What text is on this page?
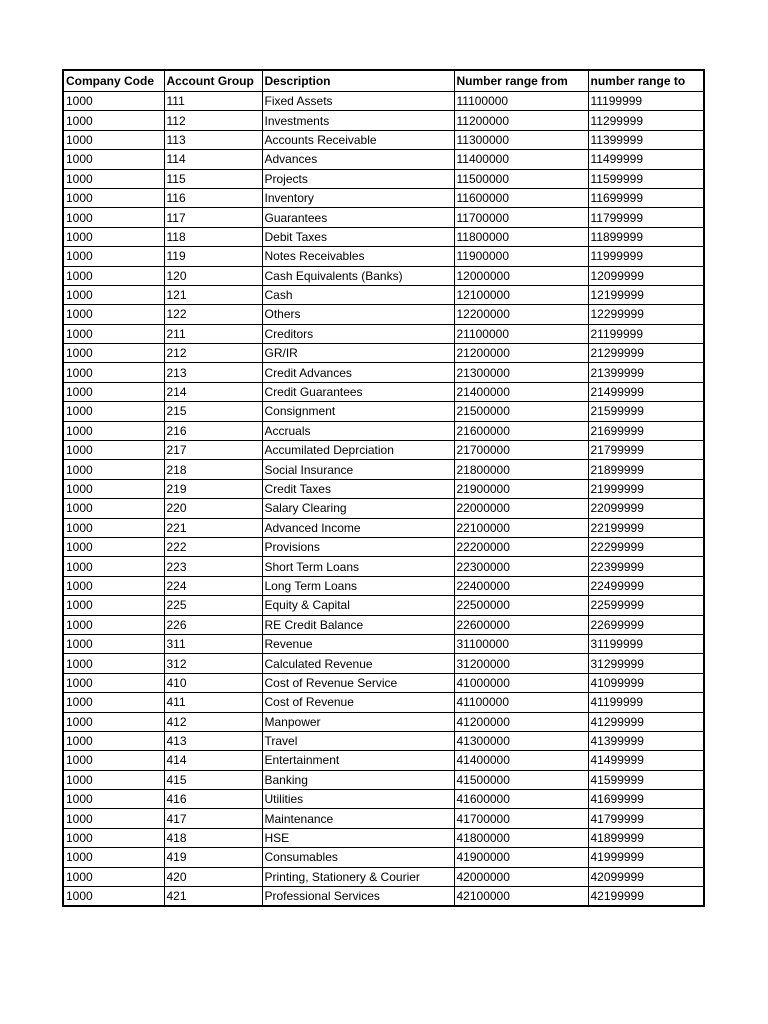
Company Code	Account Group	Description	Number range from	number range to
1000	111	Fixed Assets	11100000	11199999
1000	112	Investments	11200000	11299999
1000	113	Accounts Receivable	11300000	11399999
1000	114	Advances	11400000	11499999
1000	115	Projects	11500000	11599999
1000	116	Inventory	11600000	11699999
1000	117	Guarantees	11700000	11799999
1000	118	Debit Taxes	11800000	11899999
1000	119	Notes Receivables	11900000	11999999
1000	120	Cash Equivalents (Banks)	12000000	12099999
1000	121	Cash	12100000	12199999
1000	122	Others	12200000	12299999
1000	211	Creditors	21100000	21199999
1000	212	GR/IR	21200000	21299999
1000	213	Credit Advances	21300000	21399999
1000	214	Credit Guarantees	21400000	21499999
1000	215	Consignment	21500000	21599999
1000	216	Accruals	21600000	21699999
1000	217	Accumilated Deprciation	21700000	21799999
1000	218	Social Insurance	21800000	21899999
1000	219	Credit Taxes	21900000	21999999
1000	220	Salary Clearing	22000000	22099999
1000	221	Advanced Income	22100000	22199999
1000	222	Provisions	22200000	22299999
1000	223	Short Term Loans	22300000	22399999
1000	224	Long Term Loans	22400000	22499999
1000	225	Equity & Capital	22500000	22599999
1000	226	RE Credit Balance	22600000	22699999
1000	311	Revenue	31100000	31199999
1000	312	Calculated Revenue	31200000	31299999
1000	410	Cost of Revenue Service	41000000	41099999
1000	411	Cost of Revenue	41100000	41199999
1000	412	Manpower	41200000	41299999
1000	413	Travel	41300000	41399999
1000	414	Entertainment	41400000	41499999
1000	415	Banking	41500000	41599999
1000	416	Utilities	41600000	41699999
1000	417	Maintenance	41700000	41799999
1000	418	HSE	41800000	41899999
1000	419	Consumables	41900000	41999999
1000	420	Printing, Stationery & Courier	42000000	42099999
1000	421	Professional Services	42100000	42199999
